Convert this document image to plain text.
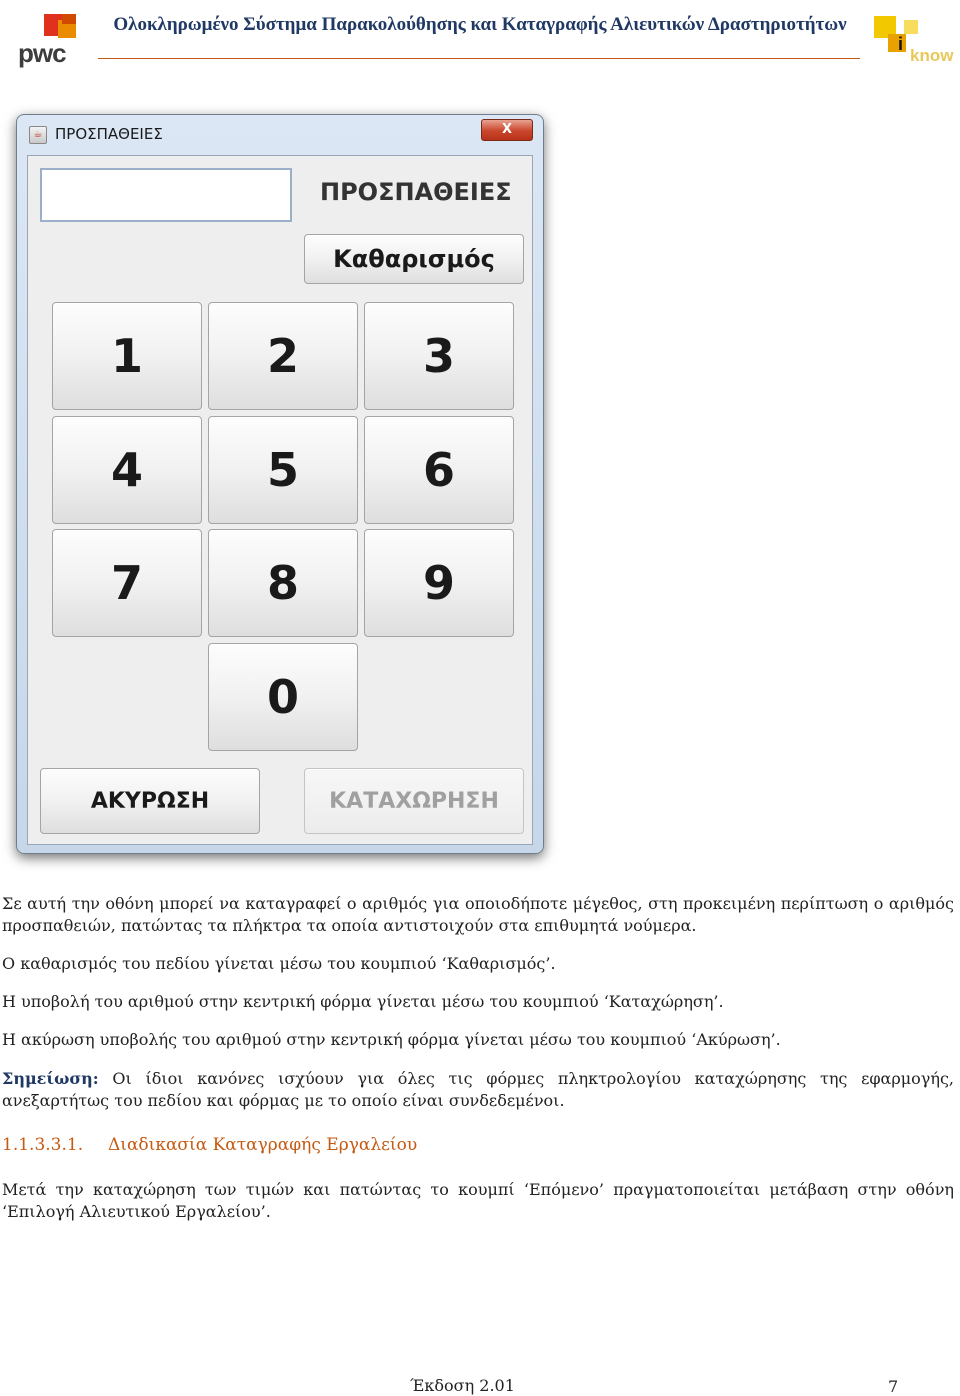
pwc
Ολοκληρωμένο Σύστημα Παρακολούθησης και Καταγραφής Αλιευτικών Δραστηριοτήτων
i
know
☕ ΠΡΟΣΠΑΘΕΙΕΣ	X
ΠΡΟΣΠΑΘΕΙΕΣ
Καθαρισμός
1	2	3
4	5	6
7	8	9
0
ΑΚΥΡΩΣΗ	ΚΑΤΑΧΩΡΗΣΗ

Σε αυτή την οθόνη μπορεί να καταγραφεί ο αριθμός για οποιοδήποτε μέγεθος, στη προκειμένη περίπτωση ο αριθμός προσπαθειών, πατώντας τα πλήκτρα τα οποία αντιστοιχούν στα επιθυμητά νούμερα.

Ο καθαρισμός του πεδίου γίνεται μέσω του κουμπιού ‘Καθαρισμός’.

Η υποβολή του αριθμού στην κεντρική φόρμα γίνεται μέσω του κουμπιού ‘Καταχώρηση’.

Η ακύρωση υποβολής του αριθμού στην κεντρική φόρμα γίνεται μέσω του κουμπιού ‘Ακύρωση’.

Σημείωση: Οι ίδιοι κανόνες ισχύουν για όλες τις φόρμες πληκτρολογίου καταχώρησης της εφαρμογής, ανεξαρτήτως του πεδίου και φόρμας με το οποίο είναι συνδεδεμένοι.

1.1.3.3.1. Διαδικασία Καταγραφής Εργαλείου

Μετά την καταχώρηση των τιμών και πατώντας το κουμπί ‘Επόμενο’ πραγματοποιείται μετάβαση στην οθόνη ‘Επιλογή Αλιευτικού Εργαλείου’.

Έκδοση 2.01	7
